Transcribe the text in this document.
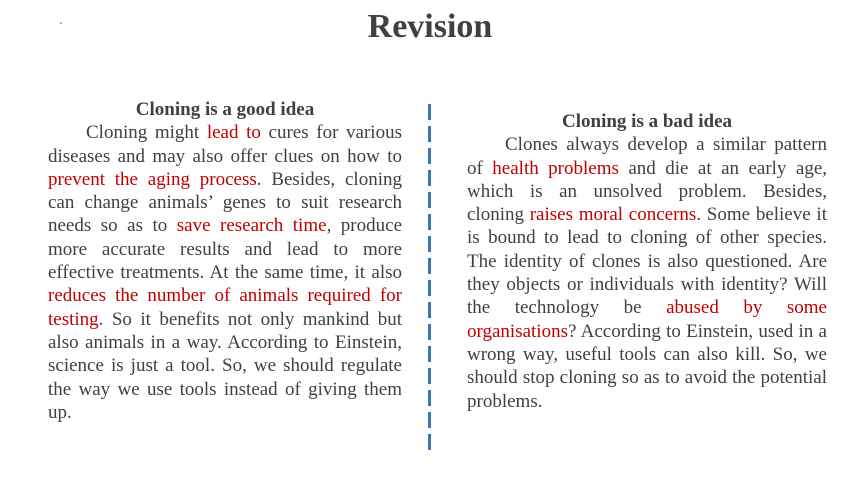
Revision
Cloning is a good idea
Cloning might lead to cures for various diseases and may also offer clues on how to prevent the aging process. Besides, cloning can change animals’ genes to suit research needs so as to save research time, produce more accurate results and lead to more effective treatments. At the same time, it also reduces the number of animals required for testing. So it benefits not only mankind but also animals in a way. According to Einstein, science is just a tool. So, we should regulate the way we use tools instead of giving them up.
Cloning is a bad idea
Clones always develop a similar pattern of health problems and die at an early age, which is an unsolved problem. Besides, cloning raises moral concerns. Some believe it is bound to lead to cloning of other species. The identity of clones is also questioned. Are they objects or individuals with identity? Will the technology be abused by some organisations? According to Einstein, used in a wrong way, useful tools can also kill. So, we should stop cloning so as to avoid the potential problems.
